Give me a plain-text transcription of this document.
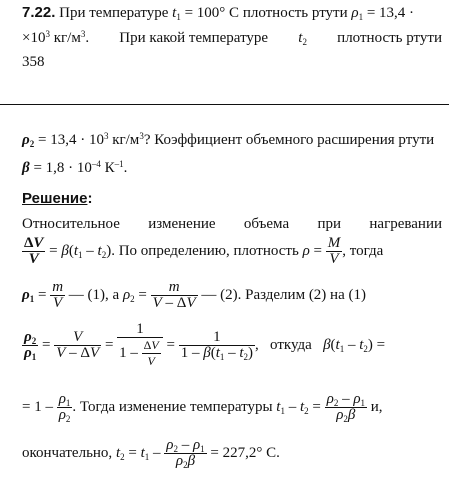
7.22. При температуре $t_1 = 100^\circ$ С плотность ртути $\rho_1 = 13,4$ ·
$\times 10^3$ $кг/м^3$. При какой температуре $t_2$ плотность ртути
358
$\rho_2 = 13,4 \cdot 10^3$ $кг/м^3$? Коэффициент объемного расширения ртути
$\beta = 1,8 \cdot 10^{-4}$ $К^{-1}$.
Решение:
Относительное изменение объема при нагревании
$\frac{\Delta V}{V} = \beta(t_1 - t_2)$. По определению, плотность $\rho = \frac{M}{V}$ , тогда
$\rho_1 = \frac{m}{V}$ — (1), а $\rho_2 = \frac{m}{V - \Delta V}$ — (2). Разделим (2) на (1)
$\frac{\rho_2}{\rho_1} = \frac{V}{V - \Delta V} = \frac{1}{1 - \frac{\Delta V}{V}} = \frac{1}{1 - \beta(t_1 - t_2)}$ ,   откуда $\beta(t_1 - t_2)$ =
= $1 - \frac{\rho_1}{\rho_2}$ . Тогда изменение температуры $t_1 - t_2 = \frac{\rho_2 - \rho_1}{\rho_2\beta} и$,
окончательно, $t_2 = t_1 - \frac{\rho_2 - \rho_1}{\rho_2\beta} = 227,2^\circ$ С.
